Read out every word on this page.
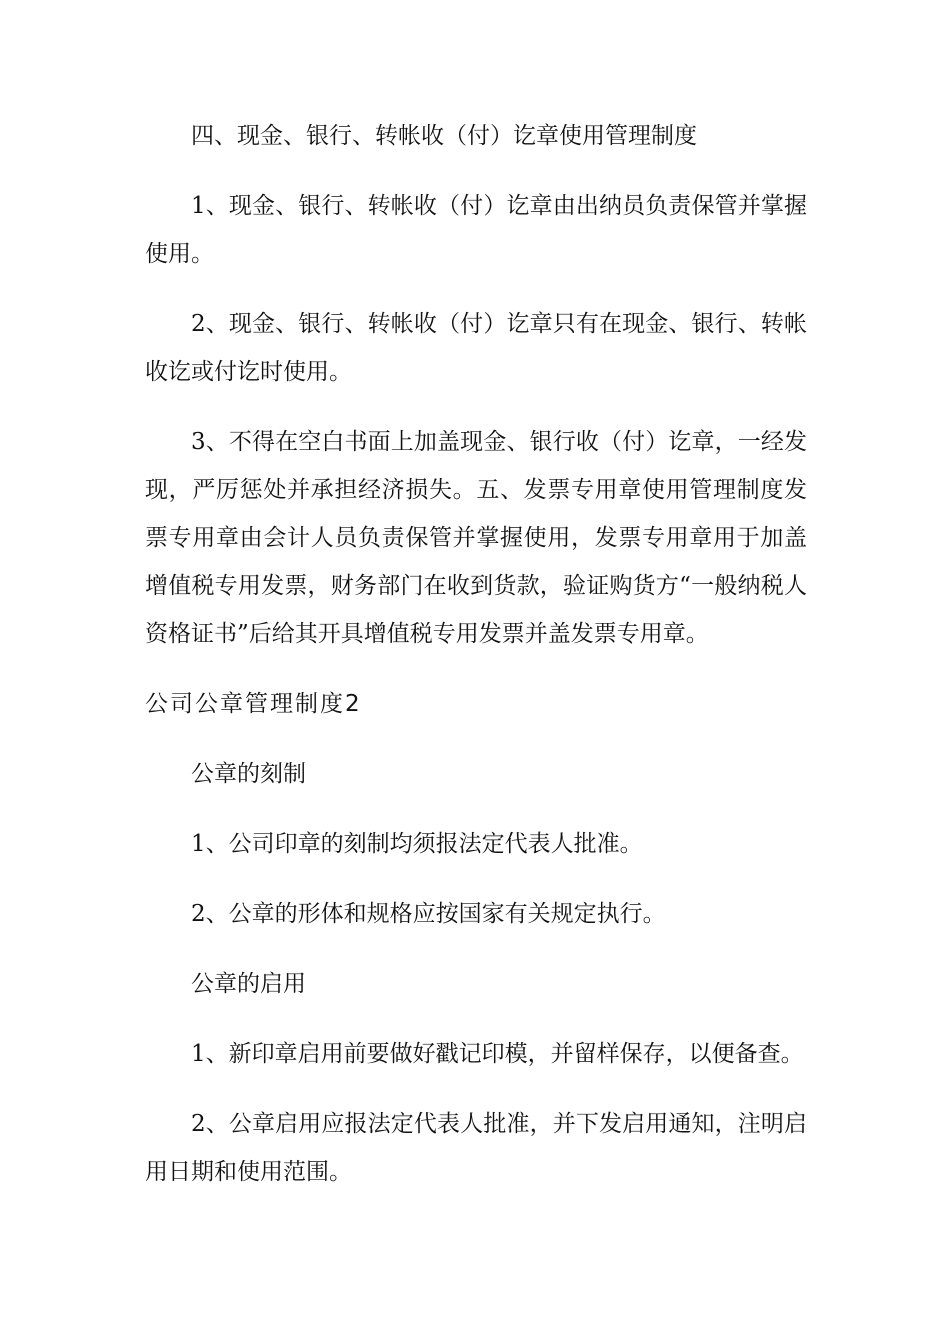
四、现金、银行、转帐收（付）讫章使用管理制度

1、现金、银行、转帐收（付）讫章由出纳员负责保管并掌握使用。

2、现金、银行、转帐收（付）讫章只有在现金、银行、转帐收讫或付讫时使用。

3、不得在空白书面上加盖现金、银行收（付）讫章，一经发现，严厉惩处并承担经济损失。五、发票专用章使用管理制度发票专用章由会计人员负责保管并掌握使用，发票专用章用于加盖增值税专用发票，财务部门在收到货款，验证购货方“一般纳税人资格证书”后给其开具增值税专用发票并盖发票专用章。

公司公章管理制度2

公章的刻制

1、公司印章的刻制均须报法定代表人批准。

2、公章的形体和规格应按国家有关规定执行。

公章的启用

1、新印章启用前要做好戳记印模，并留样保存，以便备查。

2、公章启用应报法定代表人批准，并下发启用通知，注明启用日期和使用范围。
